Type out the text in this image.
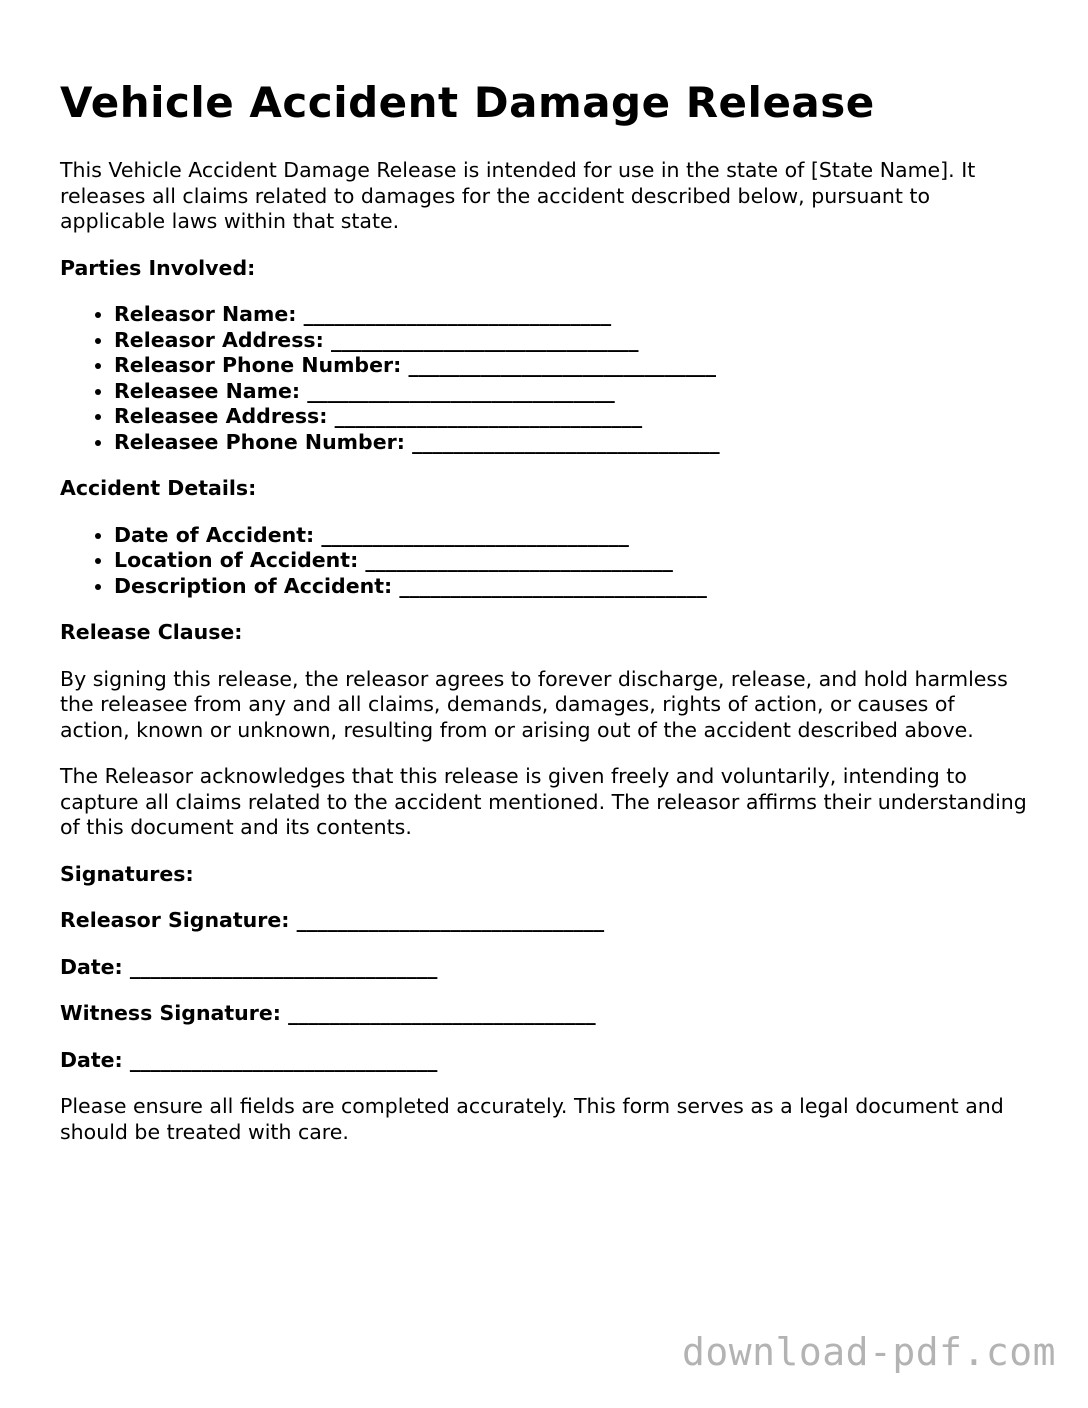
Vehicle Accident Damage Release

This Vehicle Accident Damage Release is intended for use in the state of [State Name]. It releases all claims related to damages for the accident described below, pursuant to applicable laws within that state.

Parties Involved:

• Releasor Name: ______________________________
• Releasor Address: ______________________________
• Releasor Phone Number: ______________________________
• Releasee Name: ______________________________
• Releasee Address: ______________________________
• Releasee Phone Number: ______________________________

Accident Details:

• Date of Accident: ______________________________
• Location of Accident: ______________________________
• Description of Accident: ______________________________

Release Clause:

By signing this release, the releasor agrees to forever discharge, release, and hold harmless the releasee from any and all claims, demands, damages, rights of action, or causes of action, known or unknown, resulting from or arising out of the accident described above.

The Releasor acknowledges that this release is given freely and voluntarily, intending to capture all claims related to the accident mentioned. The releasor affirms their understanding of this document and its contents.

Signatures:

Releasor Signature: ______________________________

Date: ______________________________

Witness Signature: ______________________________

Date: ______________________________

Please ensure all fields are completed accurately. This form serves as a legal document and should be treated with care.

download-pdf.com
